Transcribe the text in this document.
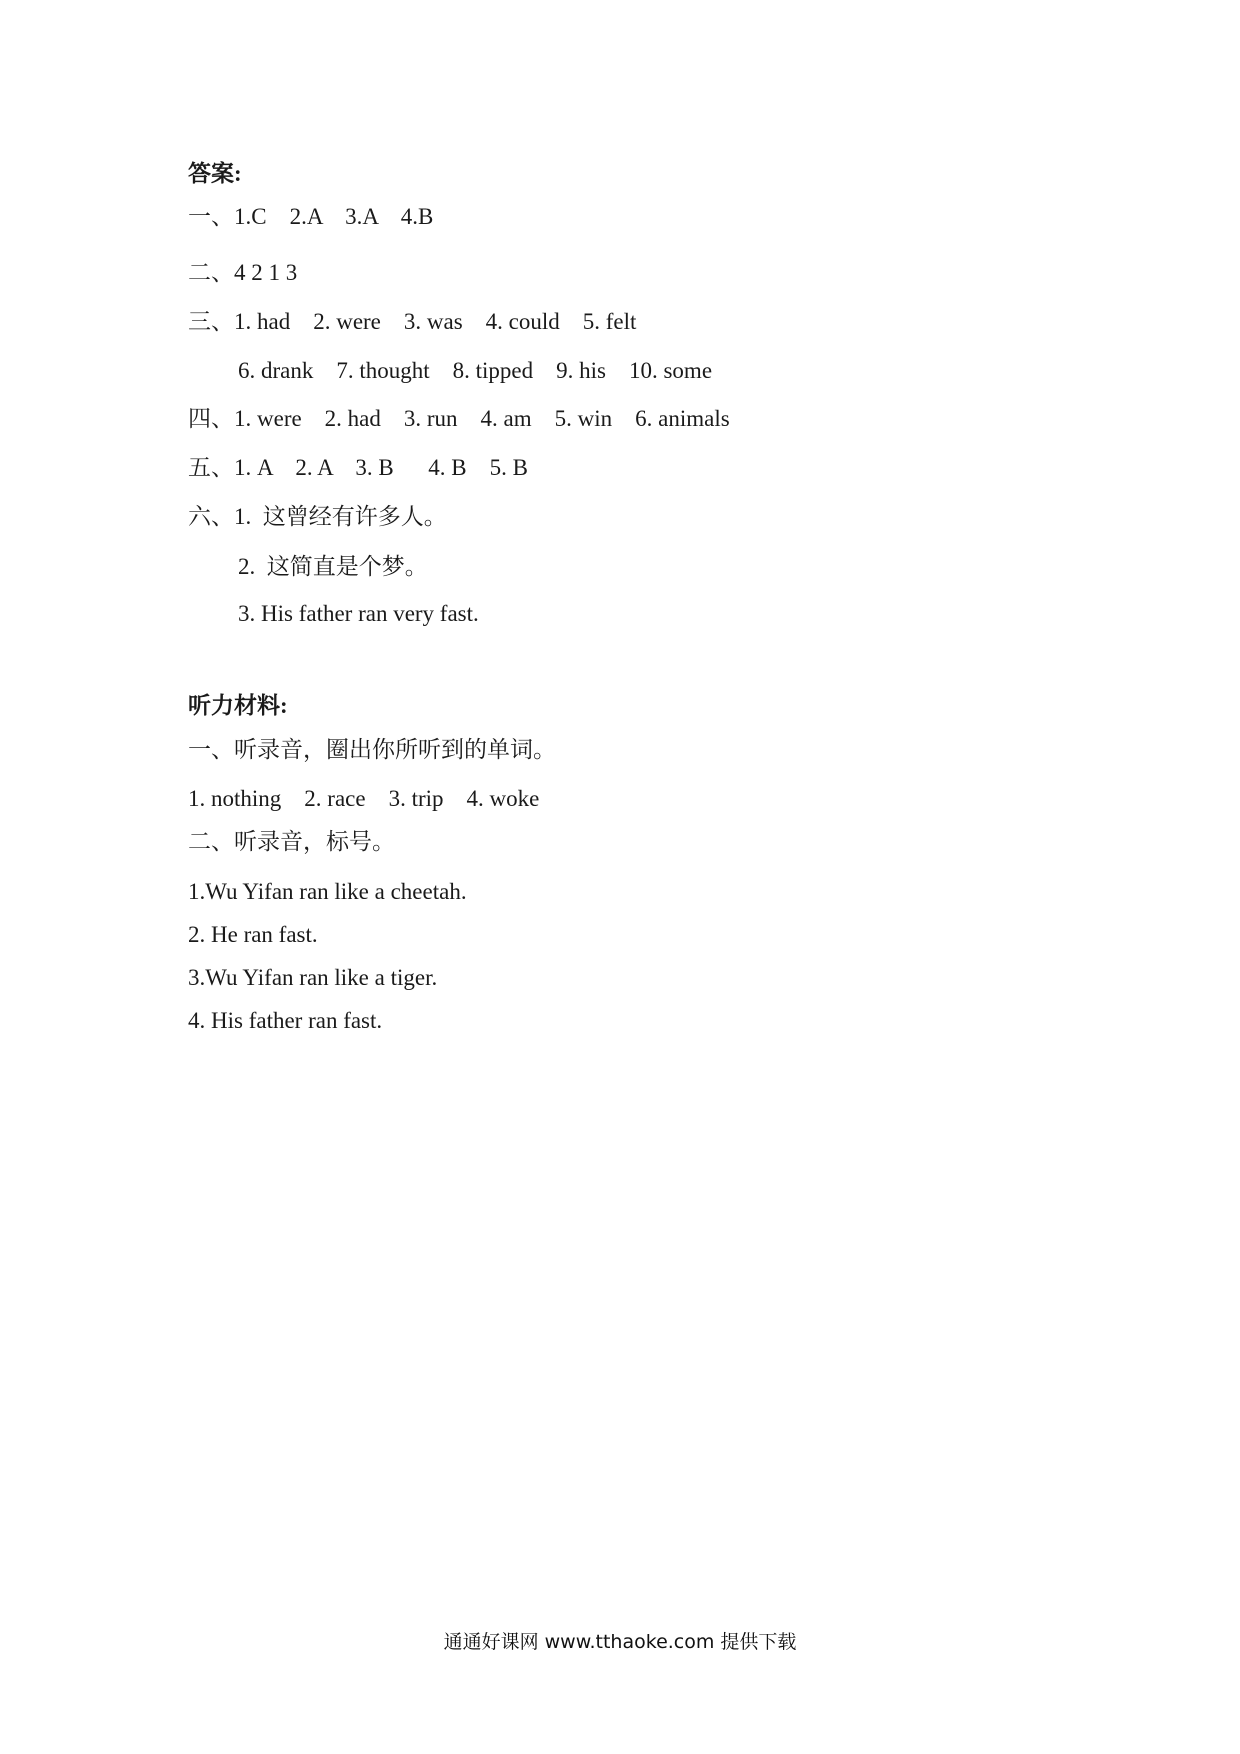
答案:
一、1.C    2.A    3.A    4.B
二、4 2 1 3
三、1. had    2. were    3. was    4. could    5. felt
6. drank    7. thought    8. tipped    9. his    10. some
四、1. were    2. had    3. run    4. am    5. win    6. animals
五、1. A    2. A    3. B      4. B    5. B
六、1.  这曾经有许多人。
2.  这简直是个梦。
3. His father ran very fast.
听力材料:
一、听录音，圈出你所听到的单词。
1. nothing    2. race    3. trip    4. woke
二、听录音，标号。
1.Wu Yifan ran like a cheetah.
2. He ran fast.
3.Wu Yifan ran like a tiger.
4. His father ran fast.
通通好课网 www.tthaoke.com 提供下载
